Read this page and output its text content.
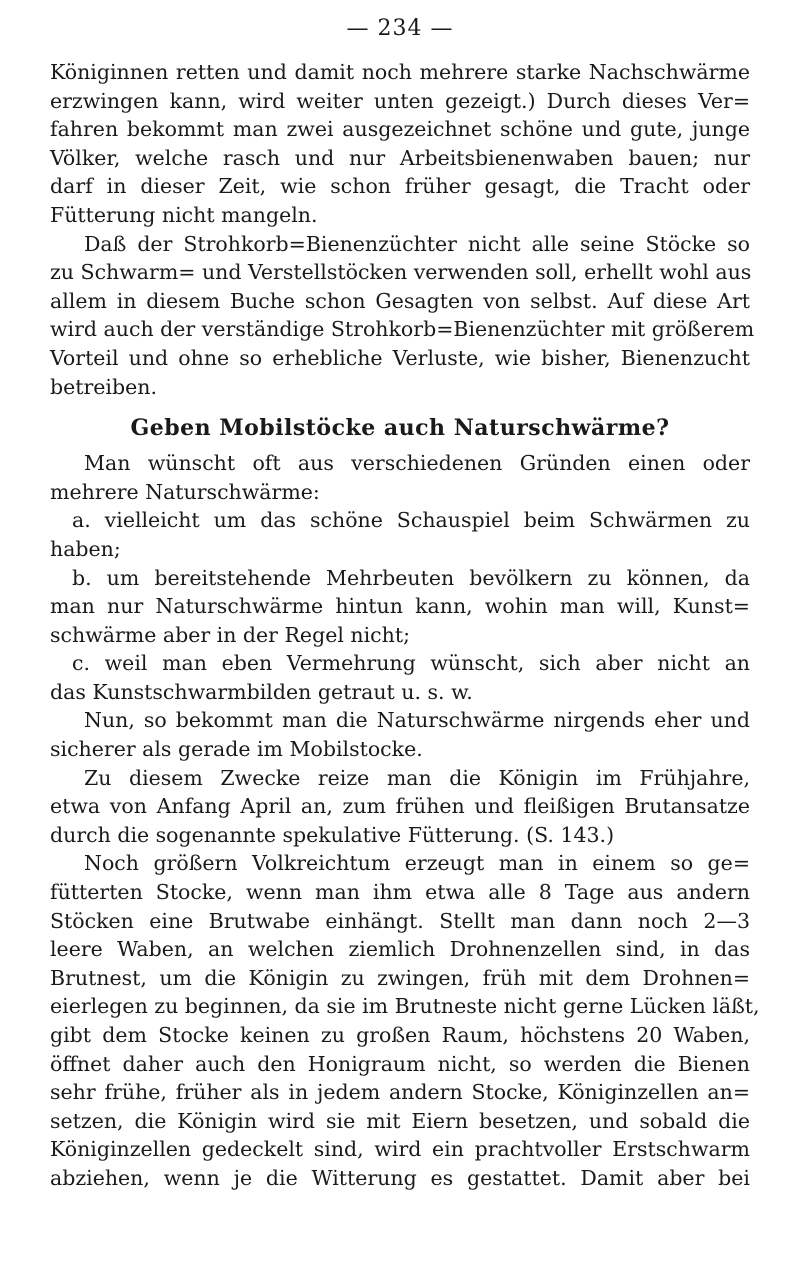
— 234 —
Königinnen retten und damit noch mehrere starke Nachschwärme
erzwingen kann, wird weiter unten gezeigt.) Durch dieses Ver=
fahren bekommt man zwei ausgezeichnet schöne und gute, junge
Völker, welche rasch und nur Arbeitsbienenwaben bauen; nur
darf in dieser Zeit, wie schon früher gesagt, die Tracht oder
Fütterung nicht mangeln.
Daß der Strohkorb=Bienenzüchter nicht alle seine Stöcke so
zu Schwarm= und Verstellstöcken verwenden soll, erhellt wohl aus
allem in diesem Buche schon Gesagten von selbst. Auf diese Art
wird auch der verständige Strohkorb=Bienenzüchter mit größerem
Vorteil und ohne so erhebliche Verluste, wie bisher, Bienenzucht
betreiben.
Geben Mobilstöcke auch Naturschwärme?
Man wünscht oft aus verschiedenen Gründen einen oder
mehrere Naturschwärme:
a. vielleicht um das schöne Schauspiel beim Schwärmen zu
haben;
b. um bereitstehende Mehrbeuten bevölkern zu können, da
man nur Naturschwärme hintun kann, wohin man will, Kunst=
schwärme aber in der Regel nicht;
c. weil man eben Vermehrung wünscht, sich aber nicht an
das Kunstschwarmbilden getraut u. s. w.
Nun, so bekommt man die Naturschwärme nirgends eher und
sicherer als gerade im Mobilstocke.
Zu diesem Zwecke reize man die Königin im Frühjahre,
etwa von Anfang April an, zum frühen und fleißigen Brutansatze
durch die sogenannte spekulative Fütterung. (S. 143.)
Noch größern Volkreichtum erzeugt man in einem so ge=
fütterten Stocke, wenn man ihm etwa alle 8 Tage aus andern
Stöcken eine Brutwabe einhängt. Stellt man dann noch 2—3
leere Waben, an welchen ziemlich Drohnenzellen sind, in das
Brutnest, um die Königin zu zwingen, früh mit dem Drohnen=
eierlegen zu beginnen, da sie im Brutneste nicht gerne Lücken läßt,
gibt dem Stocke keinen zu großen Raum, höchstens 20 Waben,
öffnet daher auch den Honigraum nicht, so werden die Bienen
sehr frühe, früher als in jedem andern Stocke, Königinzellen an=
setzen, die Königin wird sie mit Eiern besetzen, und sobald die
Königinzellen gedeckelt sind, wird ein prachtvoller Erstschwarm
abziehen, wenn je die Witterung es gestattet. Damit aber bei
